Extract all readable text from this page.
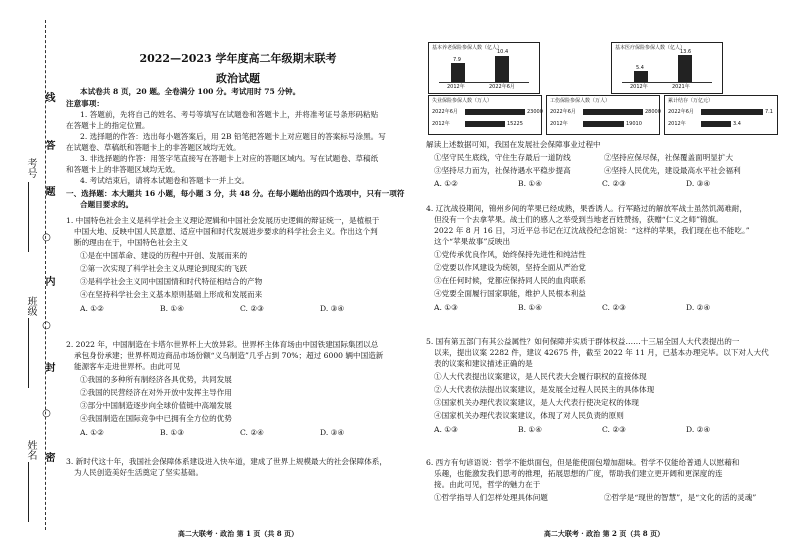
线
答
题
内
封
密
○
○
○
考号
班级
姓名
2022—2023 学年度高二年级期末联考
政治试题
本试卷共 8 页，20 题。全卷满分 100 分。考试用时 75 分钟。
注意事项：
1. 答题前，先将自己的姓名、考号等填写在试题卷和答题卡上，并将准考证号条形码粘贴
在答题卡上的指定位置。
2. 选择题的作答：选出每小题答案后，用 2B 铅笔把答题卡上对应题目的答案标号涂黑。写
在试题卷、草稿纸和答题卡上的非答题区域均无效。
3. 非选择题的作答：用签字笔直接写在答题卡上对应的答题区域内。写在试题卷、草稿纸
和答题卡上的非答题区域均无效。
4. 考试结束后，请将本试题卷和答题卡一并上交。
一、选择题：本大题共 16 小题，每小题 3 分，共 48 分。在每小题给出的四个选项中，只有一项符
合题目要求的。
1. 中国特色社会主义是科学社会主义理论逻辑和中国社会发展历史逻辑的辩证统一，是植根于
中国大地、反映中国人民意愿、适应中国和时代发展进步要求的科学社会主义。作出这个判
断的理由在于，中国特色社会主义
①是在中国革命、建设的历程中开创、发展而来的
②第一次实现了科学社会主义从理论到现实的飞跃
③是科学社会主义同中国国情和时代特征相结合的产物
④在坚持科学社会主义基本原则基础上形成和发展而来
A. ①②	B. ①④	C. ②③	D. ③④
2. 2022 年，中国制造在卡塔尔世界杯上大放异彩。世界杯主体育场由中国铁建国际集团以总
承包身份承建；世界杯周边商品市场份额“义乌制造”几乎占到 70%；超过 6000 辆中国造新
能源客车走进世界杯。由此可见
①我国的多种所有制经济各具优势，共同发展
②我国的民营经济在对外开放中发挥主导作用
③部分中国制造逐步向全球价值链中高端发展
④我国制造在国际竞争中已拥有全方位的优势
A. ①②	B. ①③	C. ②④	D. ③④
3. 新时代这十年，我国社会保障体系建设进入快车道，建成了世界上规模最大的社会保障体系，
为人民创造美好生活奠定了坚实基础。
高二大联考 · 政治 第 1 页（共 8 页）
基本养老保险参保人数（亿人）
7.9
10.4
2012年	2022年6月
基本医疗保险参保人数（亿人）
5.4
13.6
2012年	2021年
失业保险参保人数（万人）
2022年6月	23000
2012年	15225
工伤保险参保人数（万人）
2022年6月	28000
2012年	19010
累计结存（万亿元）
2022年6月	7.1
2012年	3.4
解读上述数据可知，我国在发展社会保障事业过程中
①坚守民生底线，守住生存最后一道防线	②坚持应保尽保，社保覆盖面明显扩大
③坚持尽力而为，社保待遇水平稳步提高	④坚持人民优先，建设最高水平社会福利
A. ①②	B. ①④	C. ②③	D. ③④
4. 辽沈战役期间，锦州乡间的苹果已经成熟，果香诱人。行军路过的解放军战士虽然饥渴难耐，
但没有一个去拿苹果。战士们的感人之举受到当地老百姓赞扬，获赠“仁义之师”锦旗。
2022 年 8 月 16 日，习近平总书记在辽沈战役纪念馆说：“这样的苹果，我们现在也不能吃。”
这个“苹果故事”反映出
①党传承优良作风，始终保持先进性和纯洁性
②党要以作风建设为统领，坚持全面从严治党
③在任何时候，党都应保持同人民的血肉联系
④党要全面履行国家职能，维护人民根本利益
A. ①③	B. ①④	C. ②③	D. ②④
5. 国有第五部门有其公益属性？如何保障并实质于群体权益……十三届全国人大代表提出的一
以来，提出议案 2282 件，建议 42675 件，截至 2022 年 11 月，已基本办理完毕。以下对人大代
表的议案和建议描述正确的是
①人大代表提出议案建议，是人民代表大会履行职权的直接体现
②人大代表依法提出议案建议，是发展全过程人民民主的具体体现
③国家机关办理代表议案建议，是人大代表行使决定权的体现
④国家机关办理代表议案建议，体现了对人民负责的原则
A. ①③	B. ①④	C. ②③	D. ②④
6. 西方有句谚语说：哲学不能烘面包，但是能使面包增加甜味。哲学不仅能给普通人以慰藉和
乐趣，也能激发我们思考的推理，拓展思想的广度，帮助我们建立更开阔和更深度的连
接。由此可见，哲学的魅力在于
①哲学指导人们怎样处理具体问题	②哲学是“现世的智慧”，是“文化的活的灵魂”
高二大联考 · 政治 第 2 页（共 8 页）
